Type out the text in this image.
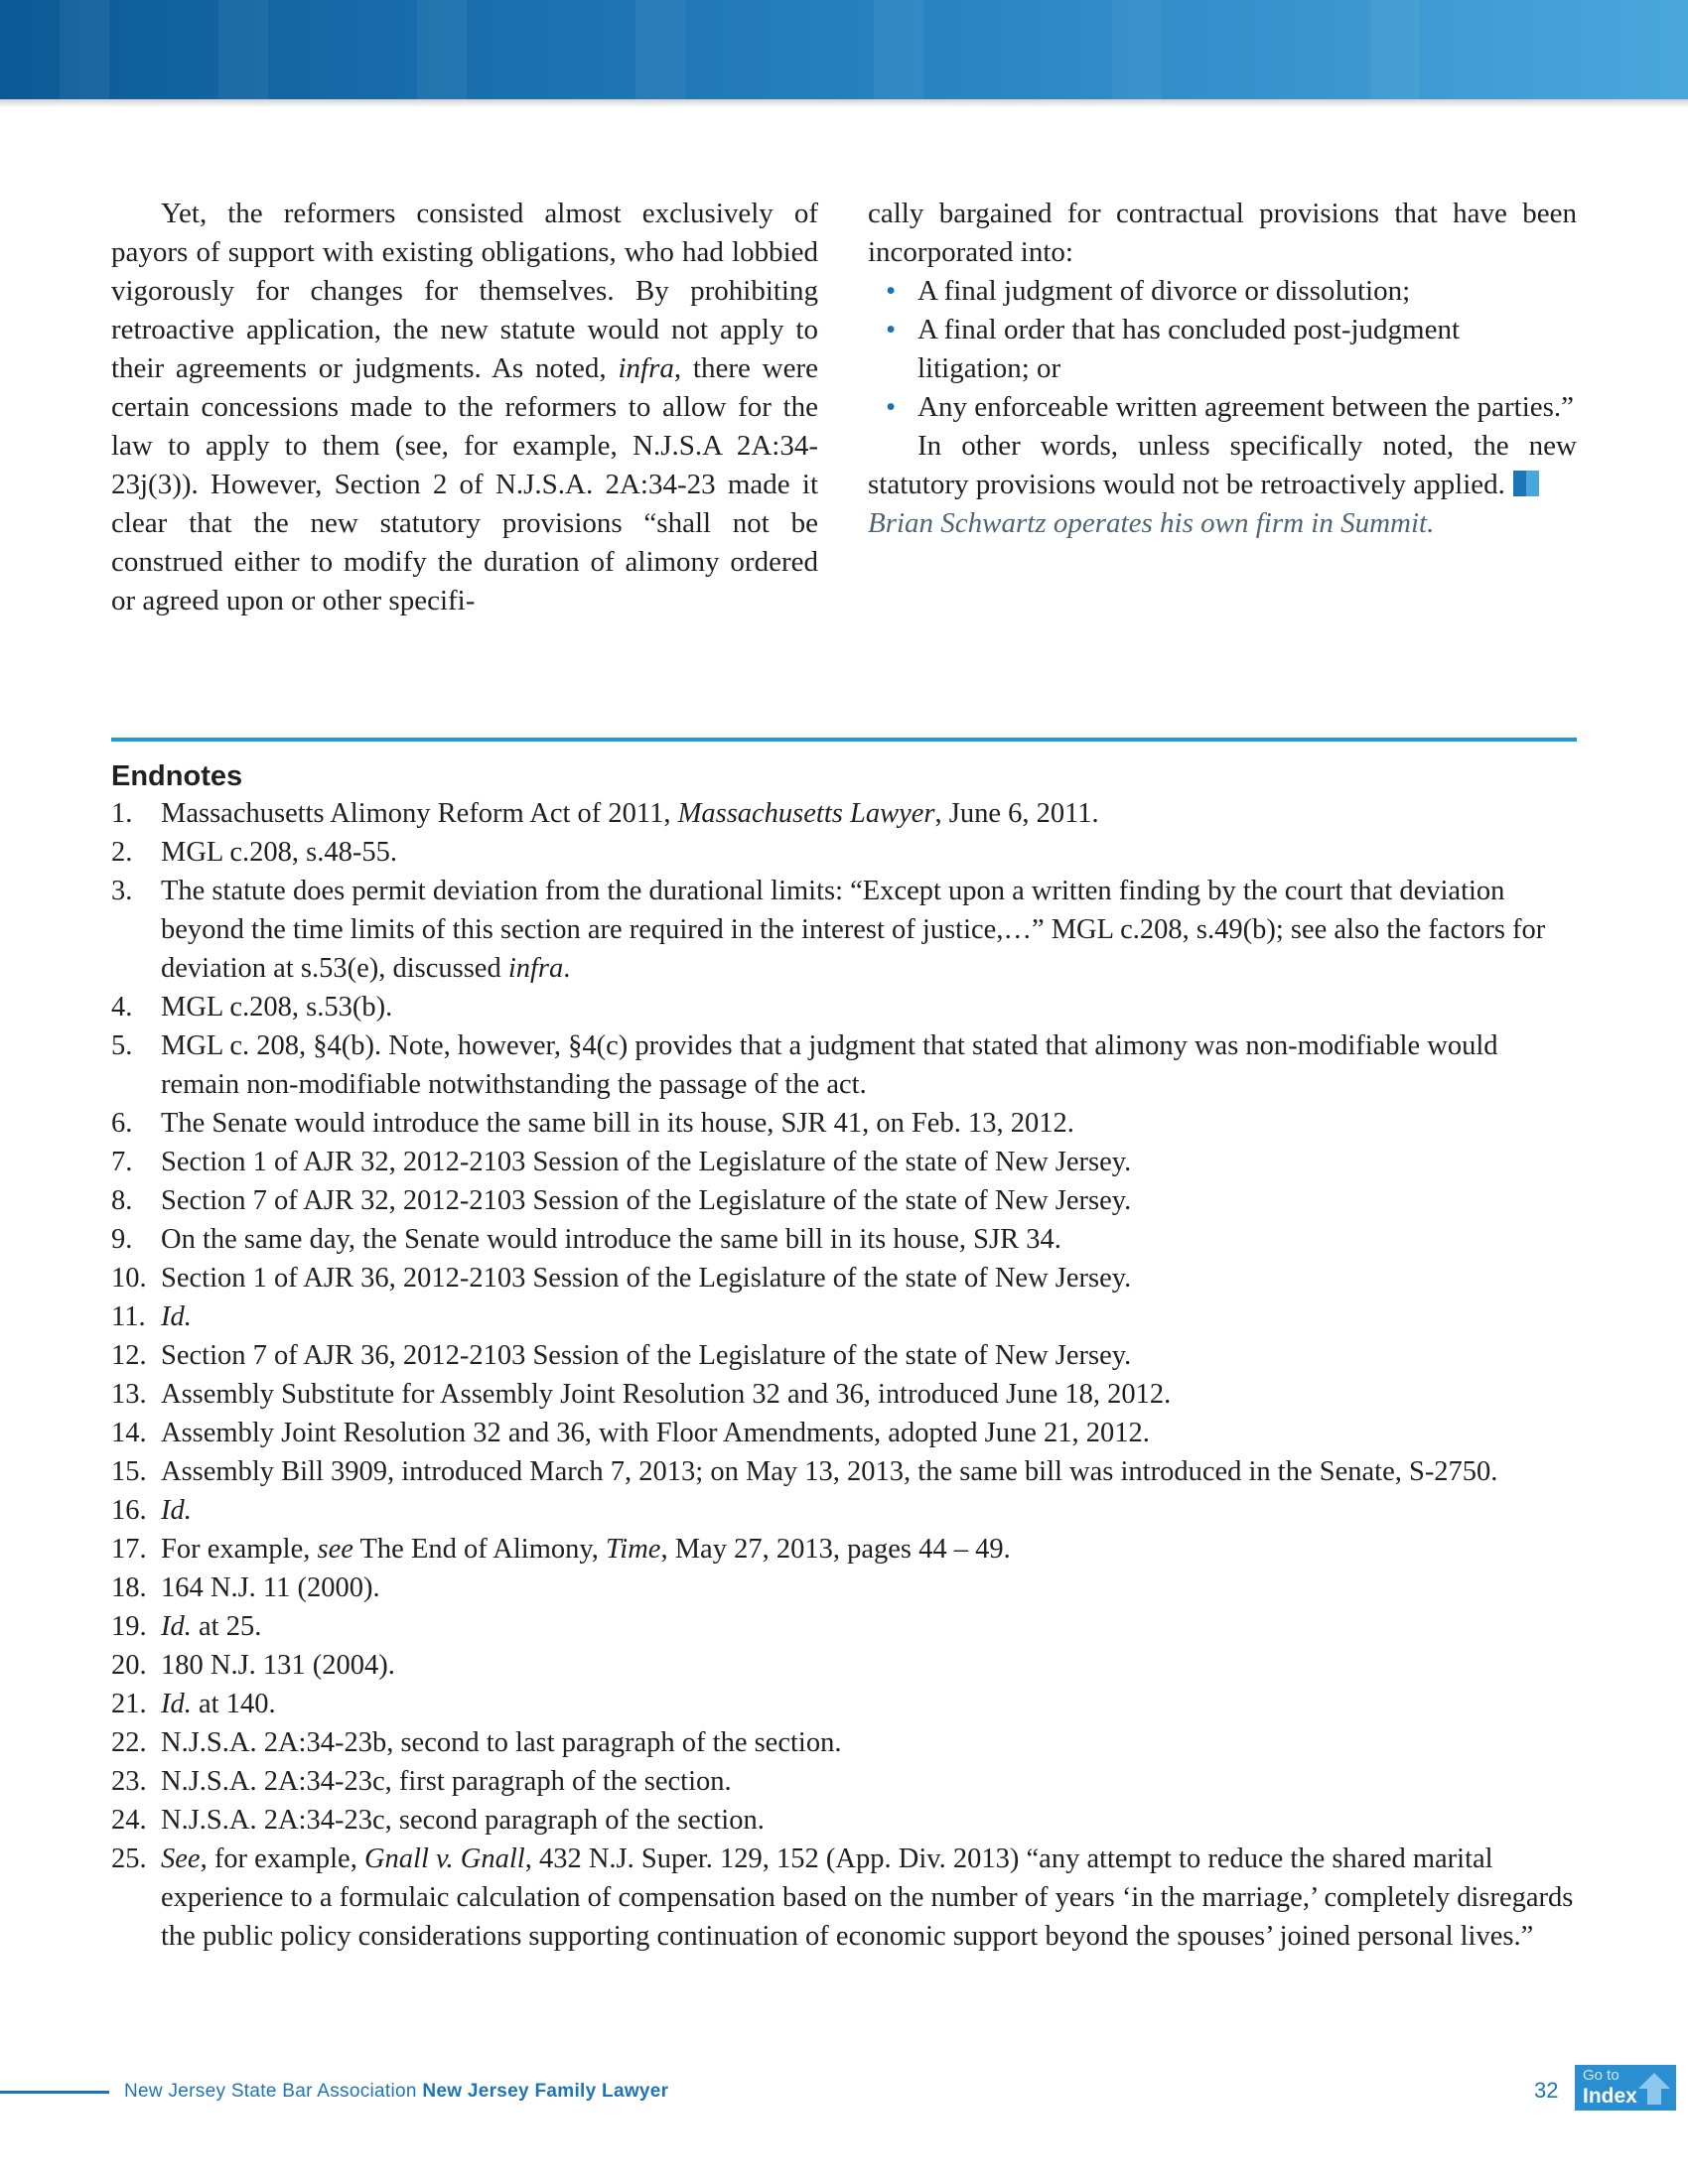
Yet, the reformers consisted almost exclusively of payors of support with existing obligations, who had lobbied vigorously for changes for themselves. By prohibiting retroactive application, the new statute would not apply to their agreements or judgments. As noted, infra, there were certain concessions made to the reformers to allow for the law to apply to them (see, for example, N.J.S.A 2A:34-23j(3)). However, Section 2 of N.J.S.A. 2A:34-23 made it clear that the new statutory provisions “shall not be construed either to modify the duration of alimony ordered or agreed upon or other specifi-

cally bargained for contractual provisions that have been incorporated into:

• A final judgment of divorce or dissolution;
• A final order that has concluded post-judgment litigation; or
• Any enforceable written agreement between the parties.”

In other words, unless specifically noted, the new statutory provisions would not be retroactively applied.

Brian Schwartz operates his own firm in Summit.

Endnotes
1. Massachusetts Alimony Reform Act of 2011, Massachusetts Lawyer, June 6, 2011.
2. MGL c.208, s.48-55.
3. The statute does permit deviation from the durational limits: “Except upon a written finding by the court that deviation beyond the time limits of this section are required in the interest of justice,…” MGL c.208, s.49(b); see also the factors for deviation at s.53(e), discussed infra.
4. MGL c.208, s.53(b).
5. MGL c. 208, §4(b). Note, however, §4(c) provides that a judgment that stated that alimony was non-modifiable would remain non-modifiable notwithstanding the passage of the act.
6. The Senate would introduce the same bill in its house, SJR 41, on Feb. 13, 2012.
7. Section 1 of AJR 32, 2012-2103 Session of the Legislature of the state of New Jersey.
8. Section 7 of AJR 32, 2012-2103 Session of the Legislature of the state of New Jersey.
9. On the same day, the Senate would introduce the same bill in its house, SJR 34.
10. Section 1 of AJR 36, 2012-2103 Session of the Legislature of the state of New Jersey.
11. Id.
12. Section 7 of AJR 36, 2012-2103 Session of the Legislature of the state of New Jersey.
13. Assembly Substitute for Assembly Joint Resolution 32 and 36, introduced June 18, 2012.
14. Assembly Joint Resolution 32 and 36, with Floor Amendments, adopted June 21, 2012.
15. Assembly Bill 3909, introduced March 7, 2013; on May 13, 2013, the same bill was introduced in the Senate, S-2750.
16. Id.
17. For example, see The End of Alimony, Time, May 27, 2013, pages 44 – 49.
18. 164 N.J. 11 (2000).
19. Id. at 25.
20. 180 N.J. 131 (2004).
21. Id. at 140.
22. N.J.S.A. 2A:34-23b, second to last paragraph of the section.
23. N.J.S.A. 2A:34-23c, first paragraph of the section.
24. N.J.S.A. 2A:34-23c, second paragraph of the section.
25. See, for example, Gnall v. Gnall, 432 N.J. Super. 129, 152 (App. Div. 2013) “any attempt to reduce the shared marital experience to a formulaic calculation of compensation based on the number of years ‘in the marriage,’ completely disregards the public policy considerations supporting continuation of economic support beyond the spouses’ joined personal lives.”
New Jersey State Bar Association New Jersey Family Lawyer	32
Go to
Index
